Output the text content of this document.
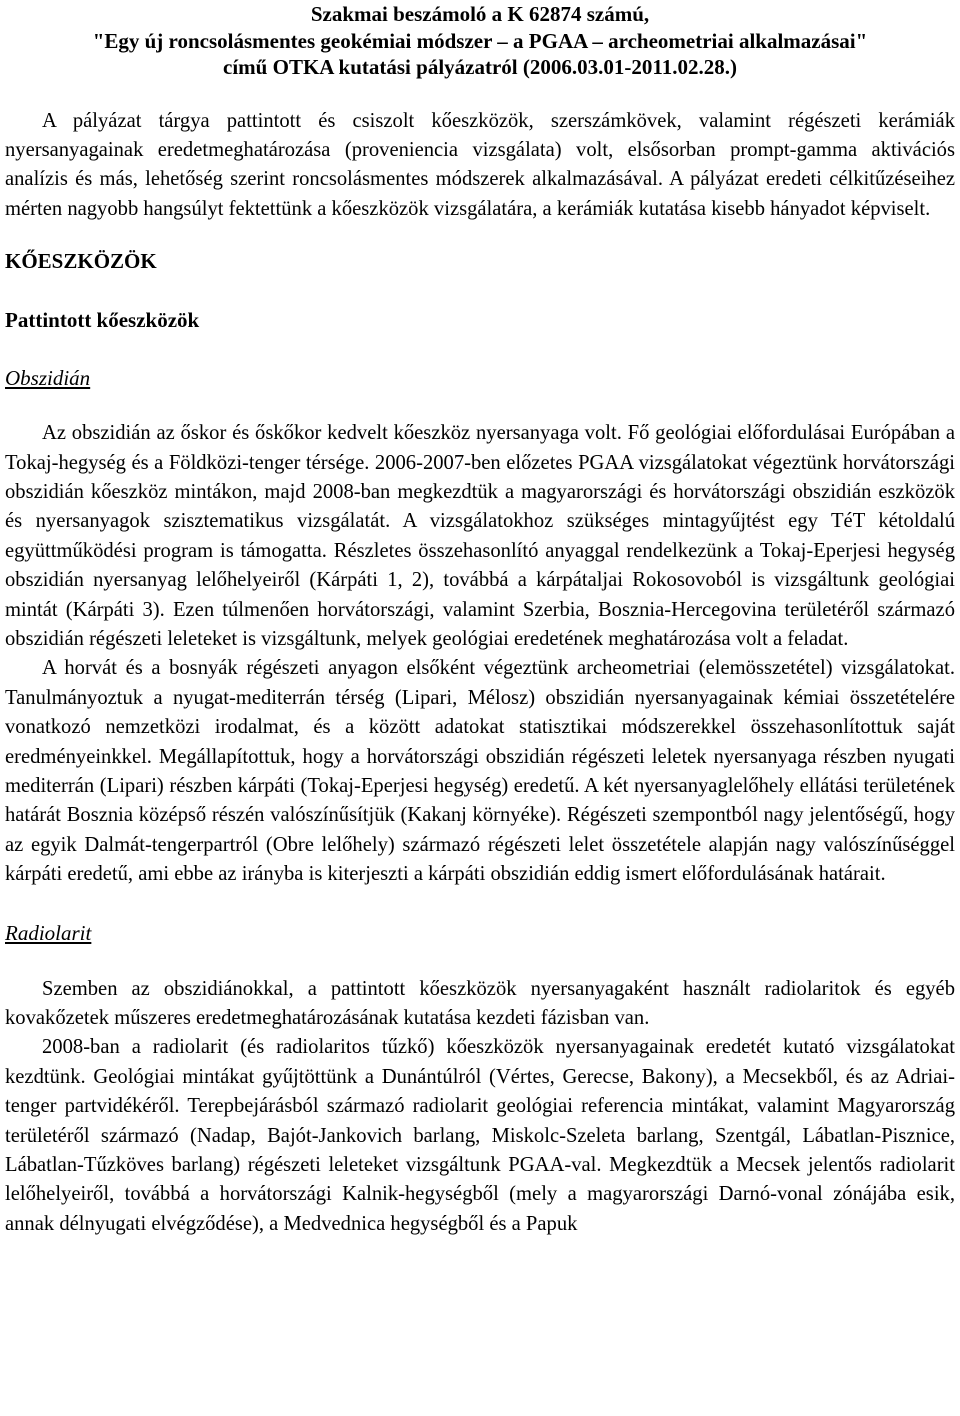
Szakmai beszámoló a K 62874 számú,
"Egy új roncsolásmentes geokémiai módszer – a PGAA – archeometriai alkalmazásai"
című OTKA kutatási pályázatról (2006.03.01-2011.02.28.)

A pályázat tárgya pattintott és csiszolt kőeszközök, szerszámkövek, valamint régészeti kerámiák nyersanyagainak eredetmeghatározása (proveniencia vizsgálata) volt, elsősorban prompt-gamma aktivációs analízis és más, lehetőség szerint roncsolásmentes módszerek alkalmazásával. A pályázat eredeti célkitűzéseihez mérten nagyobb hangsúlyt fektettünk a kőeszközök vizsgálatára, a kerámiák kutatása kisebb hányadot képviselt.

KŐESZKÖZÖK

Pattintott kőeszközök

Obszidián

Az obszidián az őskor és őskőkor kedvelt kőeszköz nyersanyaga volt. Fő geológiai előfordulásai Európában a Tokaj-hegység és a Földközi-tenger térsége. 2006-2007-ben előzetes PGAA vizsgálatokat végeztünk horvátországi obszidián kőeszköz mintákon, majd 2008-ban megkezdtük a magyarországi és horvátországi obszidián eszközök és nyersanyagok szisztematikus vizsgálatát. A vizsgálatokhoz szükséges mintagyűjtést egy TéT kétoldalú együttműködési program is támogatta. Részletes összehasonlító anyaggal rendelkezünk a Tokaj-Eperjesi hegység obszidián nyersanyag lelőhelyeiről (Kárpáti 1, 2), továbbá a kárpátaljai Rokosovoból is vizsgáltunk geológiai mintát (Kárpáti 3). Ezen túlmenően horvátországi, valamint Szerbia, Bosznia-Hercegovina területéről származó obszidián régészeti leleteket is vizsgáltunk, melyek geológiai eredetének meghatározása volt a feladat.

A horvát és a bosnyák régészeti anyagon elsőként végeztünk archeometriai (elemösszetétel) vizsgálatokat. Tanulmányoztuk a nyugat-mediterrán térség (Lipari, Mélosz) obszidián nyersanyagainak kémiai összetételére vonatkozó nemzetközi irodalmat, és a között adatokat statisztikai módszerekkel összehasonlítottuk saját eredményeinkkel. Megállapítottuk, hogy a horvátországi obszidián régészeti leletek nyersanyaga részben nyugati mediterrán (Lipari) részben kárpáti (Tokaj-Eperjesi hegység) eredetű. A két nyersanyaglelőhely ellátási területének határát Bosznia középső részén valószínűsítjük (Kakanj környéke). Régészeti szempontból nagy jelentőségű, hogy az egyik Dalmát-tengerpartról (Obre lelőhely) származó régészeti lelet összetétele alapján nagy valószínűséggel kárpáti eredetű, ami ebbe az irányba is kiterjeszti a kárpáti obszidián eddig ismert előfordulásának határait.

Radiolarit

Szemben az obszidiánokkal, a pattintott kőeszközök nyersanyagaként használt radiolaritok és egyéb kovakőzetek műszeres eredetmeghatározásának kutatása kezdeti fázisban van.

2008-ban a radiolarit (és radiolaritos tűzkő) kőeszközök nyersanyagainak eredetét kutató vizsgálatokat kezdtünk. Geológiai mintákat gyűjtöttünk a Dunántúlról (Vértes, Gerecse, Bakony), a Mecsekből, és az Adriai-tenger partvidékéről. Terepbejárásból származó radiolarit geológiai referencia mintákat, valamint Magyarország területéről származó (Nadap, Bajót-Jankovich barlang, Miskolc-Szeleta barlang, Szentgál, Lábatlan-Pisznice, Lábatlan-Tűzköves barlang) régészeti leleteket vizsgáltunk PGAA-val. Megkezdtük a Mecsek jelentős radiolarit lelőhelyeiről, továbbá a horvátországi Kalnik-hegységből (mely a magyarországi Darnó-vonal zónájába esik, annak délnyugati elvégződése), a Medvednica hegységből és a Papuk
